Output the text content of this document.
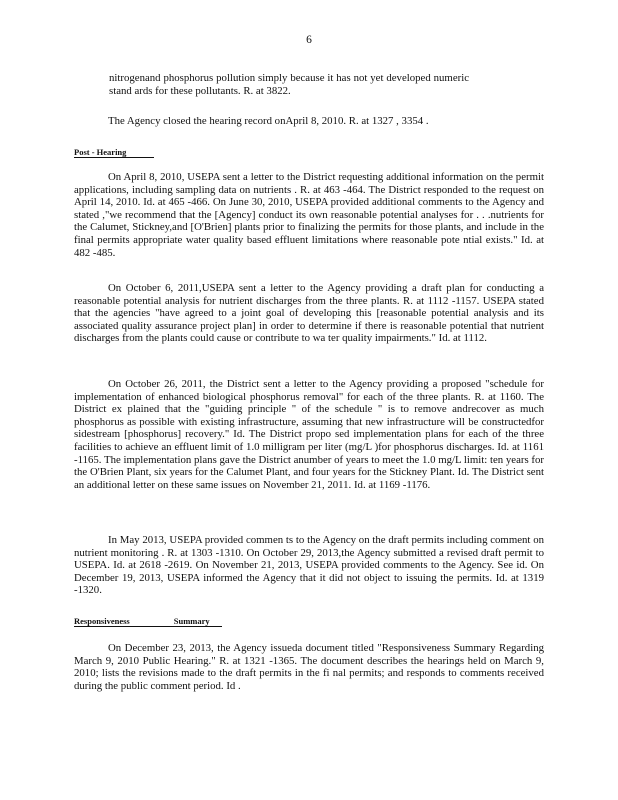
6

nitrogenand phosphorus pollution simply because it has not yet developed numeric stand ards for these pollutants. R. at 3822.

The Agency closed the hearing record onApril 8, 2010. R. at 1327 , 3354 .

Post - Hearing

On April 8, 2010, USEPA sent a letter to the District requesting additional information on the permit applications, including sampling data on nutrients . R. at 463 -464. The District responded to the request on April 14, 2010. Id. at 465 -466. On June 30, 2010, USEPA provided additional comments to the Agency and stated ,"we recommend that the [Agency] conduct its own reasonable potential analyses for . . .nutrients for the Calumet, Stickney,and [O'Brien] plants prior to finalizing the permits for those plants, and include in the final permits appropriate water quality based effluent limitations where reasonable pote ntial exists." Id. at 482 -485.

On October 6, 2011,USEPA sent a letter to the Agency providing a draft plan for conducting a reasonable potential analysis for nutrient discharges from the three plants. R. at 1112 -1157. USEPA stated that the agencies "have agreed to a joint goal of developing this [reasonable potential analysis and its associated quality assurance project plan] in order to determine if there is reasonable potential that nutrient discharges from the plants could cause or contribute to wa ter quality impairments." Id. at 1112.

On October 26, 2011, the District sent a letter to the Agency providing a proposed "schedule for implementation of enhanced biological phosphorus removal" for each of the three plants. R. at 1160. The District ex plained that the "guiding principle " of the schedule " is to remove andrecover as much phosphorus as possible with existing infrastructure, assuming that new infrastructure will be constructedfor sidestream [phosphorus] recovery." Id. The District propo sed implementation plans for each of the three facilities to achieve an effluent limit of 1.0 milligram per liter (mg/L )for phosphorus discharges. Id. at 1161 -1165. The implementation plans gave the District anumber of years to meet the 1.0 mg/L limit: ten years for the O'Brien Plant, six years for the Calumet Plant, and four years for the Stickney Plant. Id. The District sent an additional letter on these same issues on November 21, 2011. Id. at 1169 -1176.

In May 2013, USEPA provided commen ts to the Agency on the draft permits including comment on nutrient monitoring . R. at 1303 -1310. On October 29, 2013,the Agency submitted a revised draft permit to USEPA. Id. at 2618 -2619. On November 21, 2013, USEPA provided comments to the Agency. See id. On December 19, 2013, USEPA informed the Agency that it did not object to issuing the permits. Id. at 1319 -1320.

Responsiveness	Summary

On December 23, 2013, the Agency issueda document titled "Responsiveness Summary Regarding March 9, 2010 Public Hearing." R. at 1321 -1365. The document describes the hearings held on March 9, 2010; lists the revisions made to the draft permits in the fi nal permits; and responds to comments received during the public comment period. Id .
